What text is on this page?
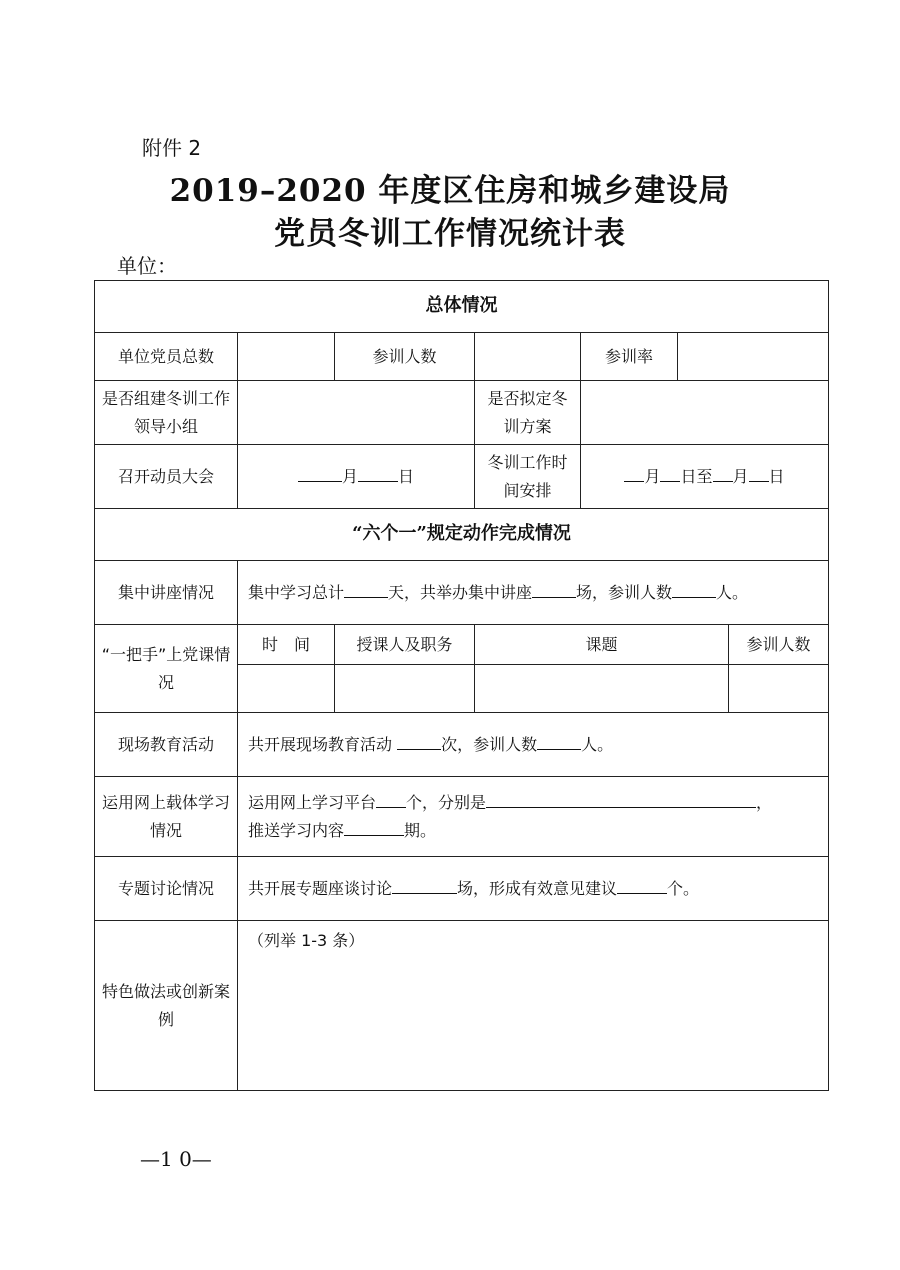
附件 2
2019–2020 年度区住房和城乡建设局
党员冬训工作情况统计表
单位：
总体情况						
单位党员总数		参训人数		参训率		
是否组建冬训工作领导小组			是否拟定冬训方案			
召开动员大会	月 日		冬训工作时间安排	月 日至 月 日		
“六个一”规定动作完成情况						
集中讲座情况	集中学习总计 天，共举办集中讲座 场，参训人数 人。					
“一把手”上党课情况	时　间	授课人及职务	课题			参训人数

现场教育活动	共开展现场教育活动 次，参训人数 人。					
运用网上载体学习情况	运用网上学习平台 个，分别是 ，
推送学习内容 期。					

专题讨论情况	共开展专题座谈讨论 场，形成有效意见建议 个。					
特色做法或创新案例	（列举 1-3 条）					
—1 0—
